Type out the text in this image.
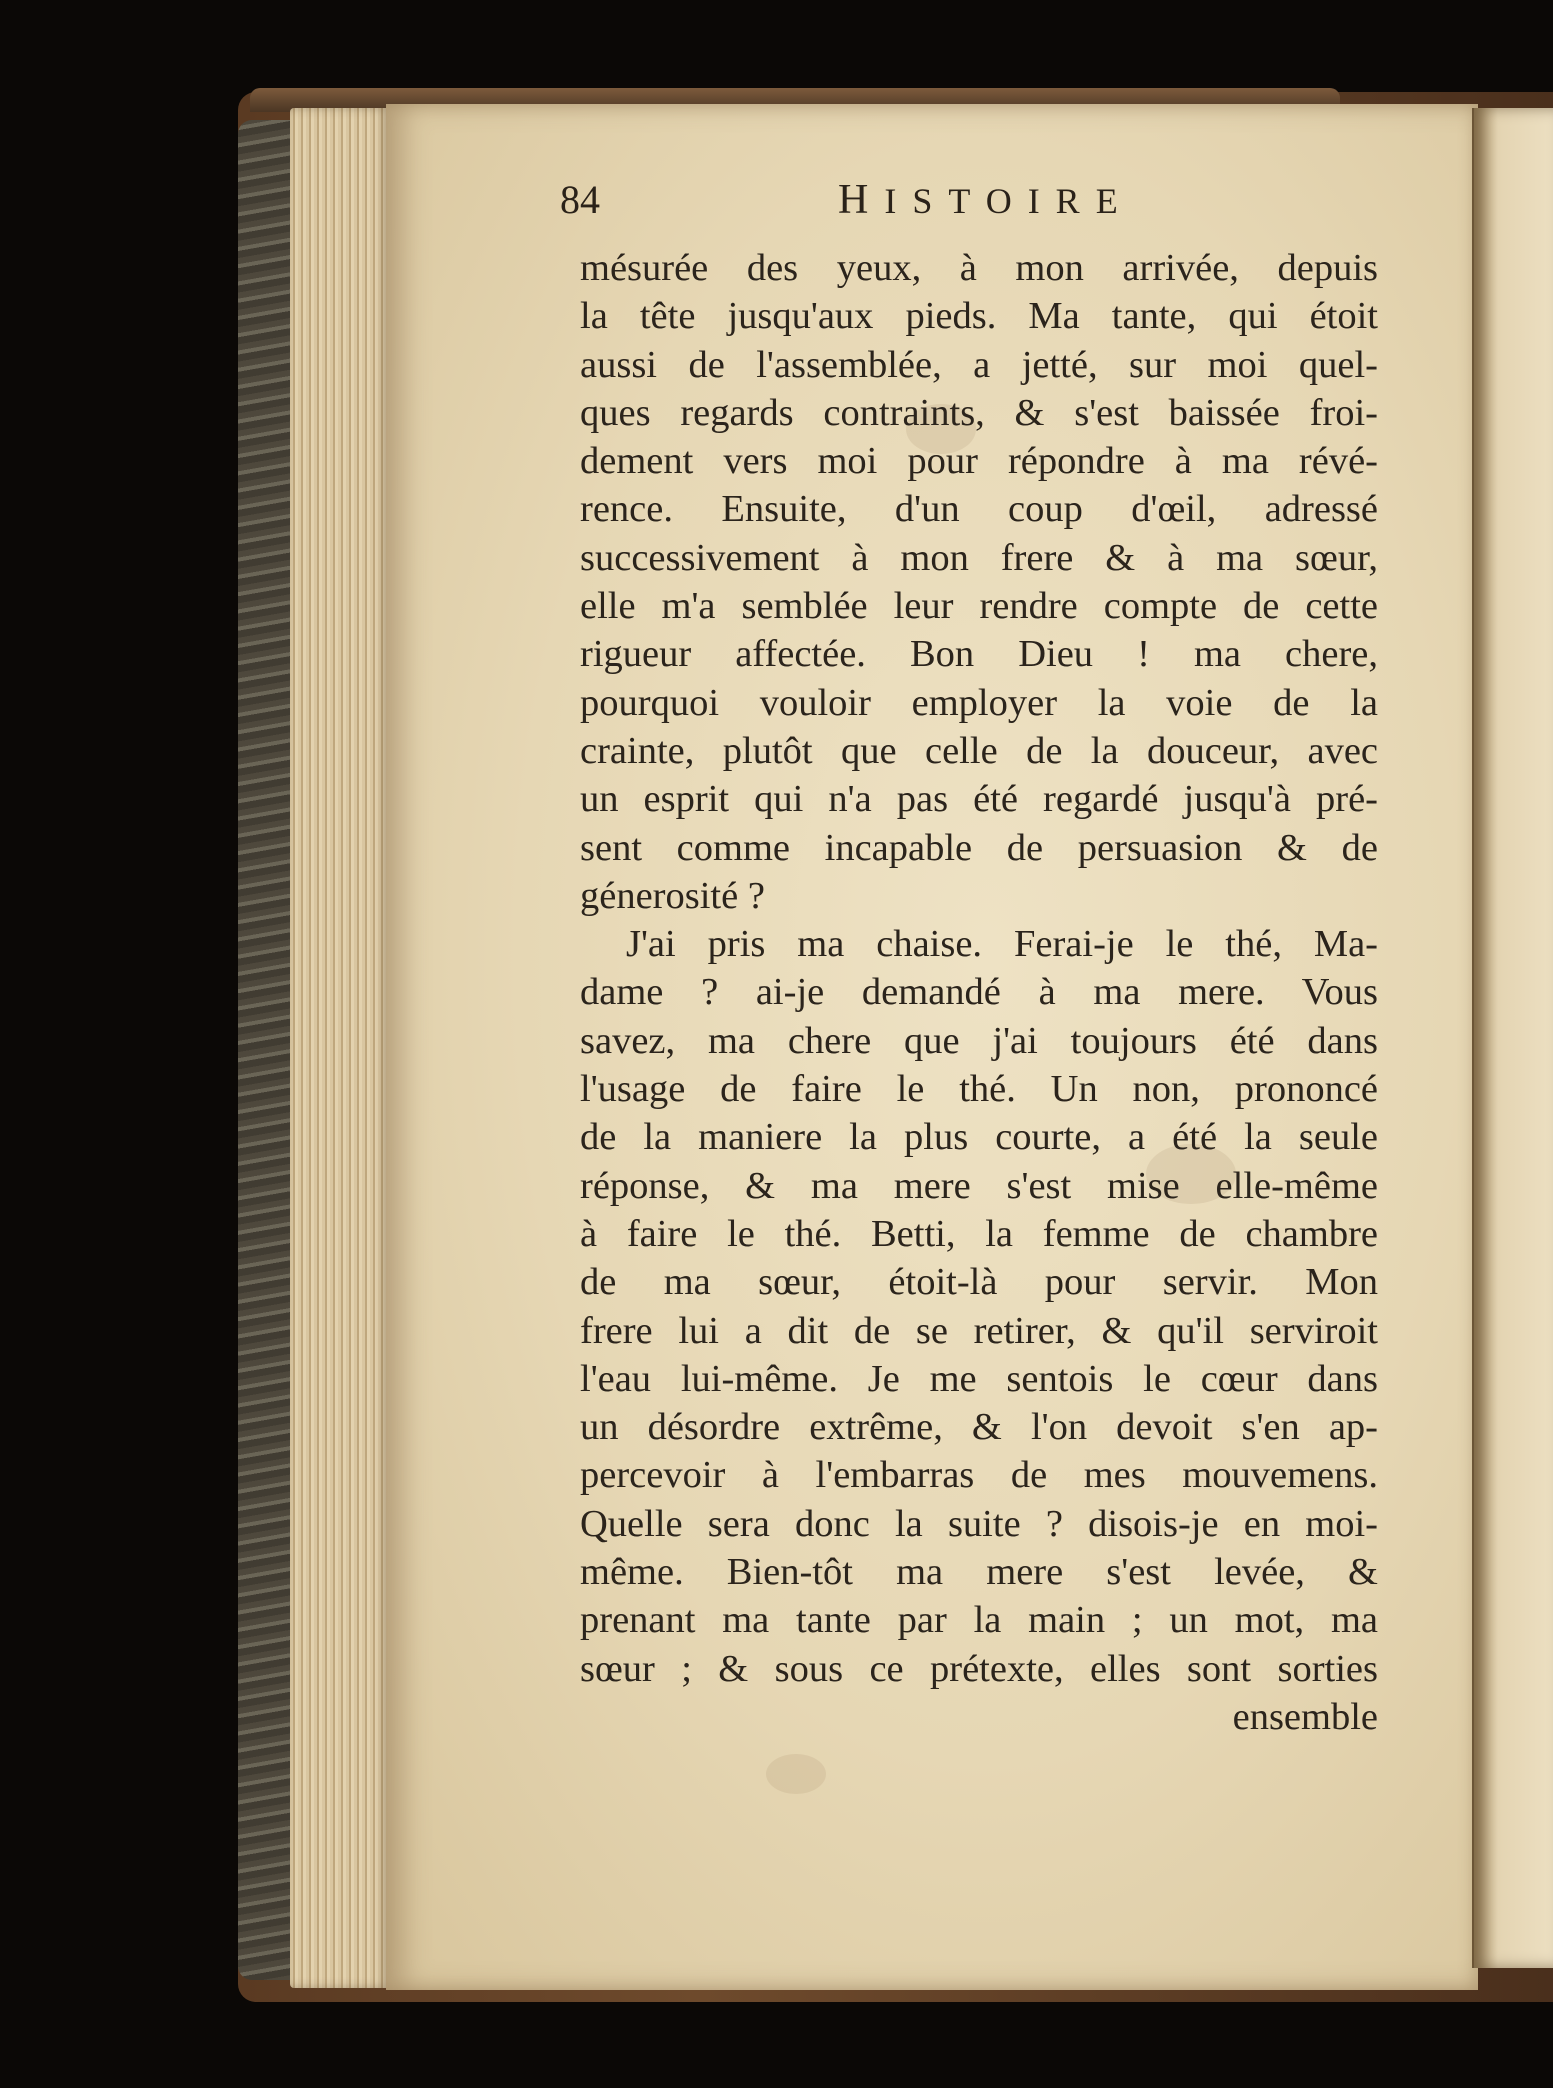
84	HISTOIRE
mésurée des yeux, à mon arrivée, depuis
la tête jusqu'aux pieds. Ma tante, qui étoit
aussi de l'assemblée, a jetté, sur moi quel-
ques regards contraints, & s'est baissée froi-
dement vers moi pour répondre à ma révé-
rence. Ensuite, d'un coup d'œil, adressé
successivement à mon frere & à ma sœur,
elle m'a semblée leur rendre compte de cette
rigueur affectée. Bon Dieu ! ma chere,
pourquoi vouloir employer la voie de la
crainte, plutôt que celle de la douceur, avec
un esprit qui n'a pas été regardé jusqu'à pré-
sent comme incapable de persuasion & de
génerosité ?
J'ai pris ma chaise. Ferai-je le thé, Ma-
dame ? ai-je demandé à ma mere. Vous
savez, ma chere que j'ai toujours été dans
l'usage de faire le thé. Un non, prononcé
de la maniere la plus courte, a été la seule
réponse, & ma mere s'est mise elle-même
à faire le thé. Betti, la femme de chambre
de ma sœur, étoit-là pour servir. Mon
frere lui a dit de se retirer, & qu'il serviroit
l'eau lui-même. Je me sentois le cœur dans
un désordre extrême, & l'on devoit s'en ap-
percevoir à l'embarras de mes mouvemens.
Quelle sera donc la suite ? disois-je en moi-
même. Bien-tôt ma mere s'est levée, &
prenant ma tante par la main ; un mot, ma
sœur ; & sous ce prétexte, elles sont sorties
ensemble
